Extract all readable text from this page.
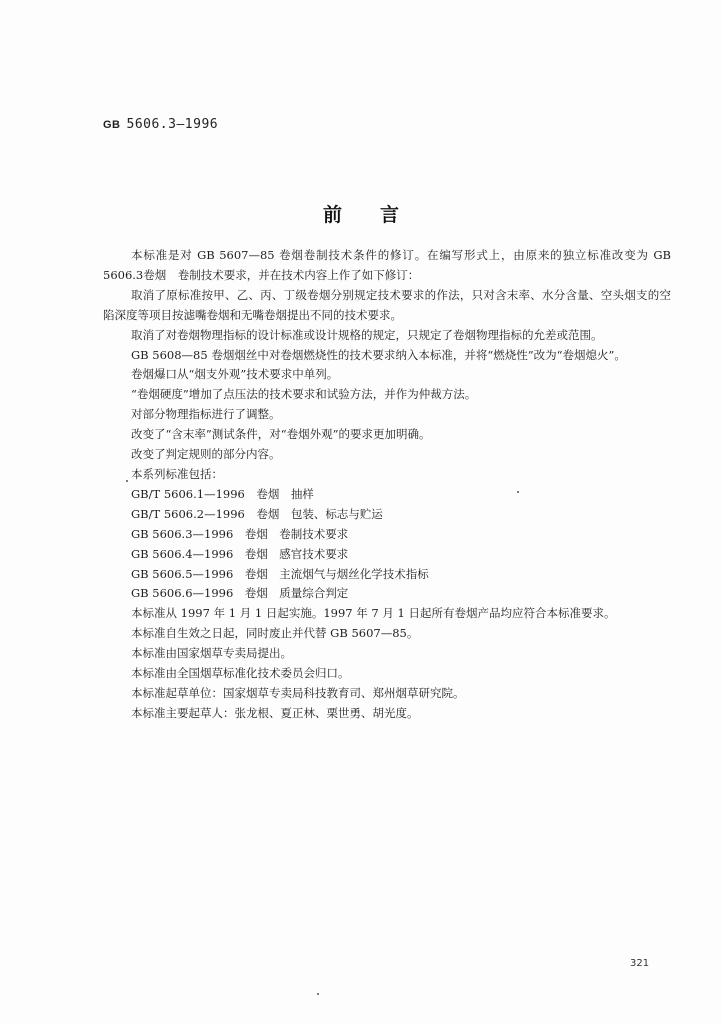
GB 5606.3—1996
前言

本标准是对 GB 5607—85 卷烟卷制技术条件的修订。在编写形式上，由原来的独立标准改变为 GB 5606.3卷烟　卷制技术要求，并在技术内容上作了如下修订：

取消了原标准按甲、乙、丙、丁级卷烟分别规定技术要求的作法，只对含末率、水分含量、空头烟支的空陷深度等项目按滤嘴卷烟和无嘴卷烟提出不同的技术要求。

取消了对卷烟物理指标的设计标准或设计规格的规定，只规定了卷烟物理指标的允差或范围。

GB 5608—85 卷烟烟丝中对卷烟燃烧性的技术要求纳入本标准，并将“燃烧性”改为“卷烟熄火”。

卷烟爆口从“烟支外观”技术要求中单列。

“卷烟硬度”增加了点压法的技术要求和试验方法，并作为仲裁方法。

对部分物理指标进行了调整。

改变了“含末率”测试条件，对“卷烟外观”的要求更加明确。

改变了判定规则的部分内容。

本系列标准包括：

GB/T 5606.1—1996　卷烟　抽样

GB/T 5606.2—1996　卷烟　包装、标志与贮运

GB 5606.3—1996　卷烟　卷制技术要求

GB 5606.4—1996　卷烟　感官技术要求

GB 5606.5—1996　卷烟　主流烟气与烟丝化学技术指标

GB 5606.6—1996　卷烟　质量综合判定

本标准从 1997 年 1 月 1 日起实施。1997 年 7 月 1 日起所有卷烟产品均应符合本标准要求。

本标准自生效之日起，同时废止并代替 GB 5607—85。

本标准由国家烟草专卖局提出。

本标准由全国烟草标准化技术委员会归口。

本标准起草单位：国家烟草专卖局科技教育司、郑州烟草研究院。

本标准主要起草人：张龙根、夏正林、栗世勇、胡光度。

321
